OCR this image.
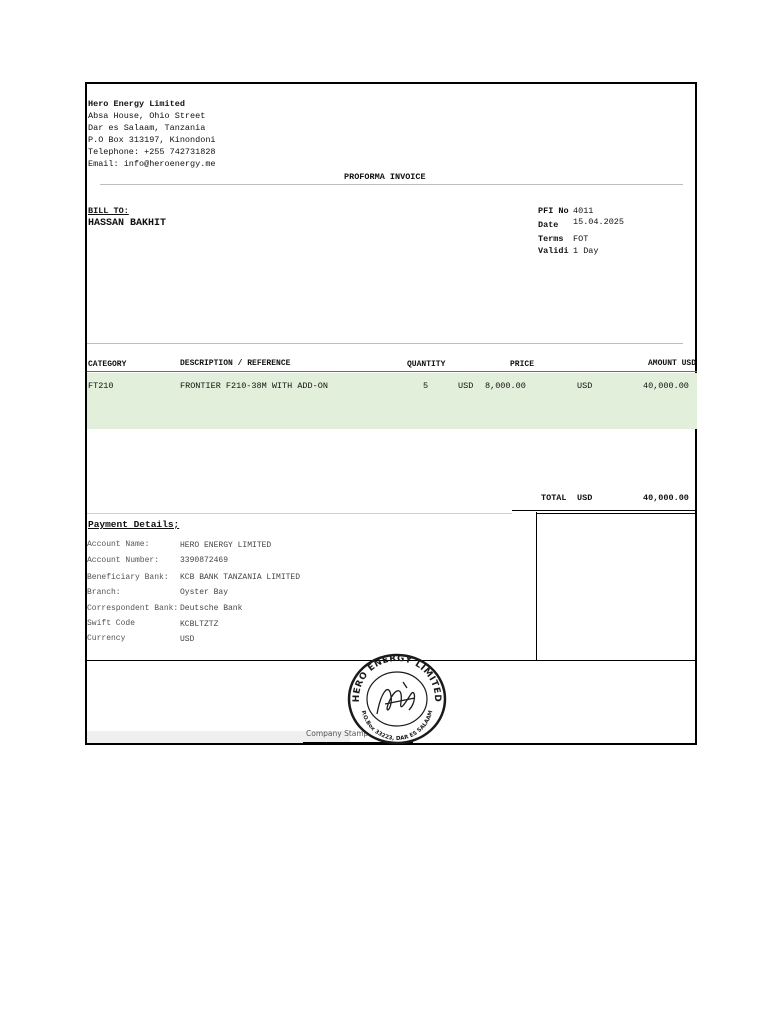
Hero Energy Limited
Absa House, Ohio Street
Dar es Salaam, Tanzania
P.O Box 313197, Kinondoni
Telephone: +255 742731828
Email: info@heroenergy.me
PROFORMA INVOICE
BILL TO:
HASSAN BAKHIT
PFI No 4011
Date 15.04.2025
Terms FOT
Validi 1 Day
CATEGORY	DESCRIPTION / REFERENCE	QUANTITY	PRICE	AMOUNT USD
FT210	FRONTIER F210-38M WITH ADD-ON	5	USD 8,000.00	USD	40,000.00
TOTAL USD	40,000.00
Payment Details;
Account Name:	HERO ENERGY LIMITED
Account Number:	3390872469
Beneficiary Bank: KCB BANK TANZANIA LIMITED
Branch:	Oyster Bay
Correspondent Bank: Deutsche Bank
Swift Code	KCBLTZTZ
Currency	USD
Company Stamp
HERO ENERGY LIMITED
P.O.Box 33223, DAR ES SALAAM
